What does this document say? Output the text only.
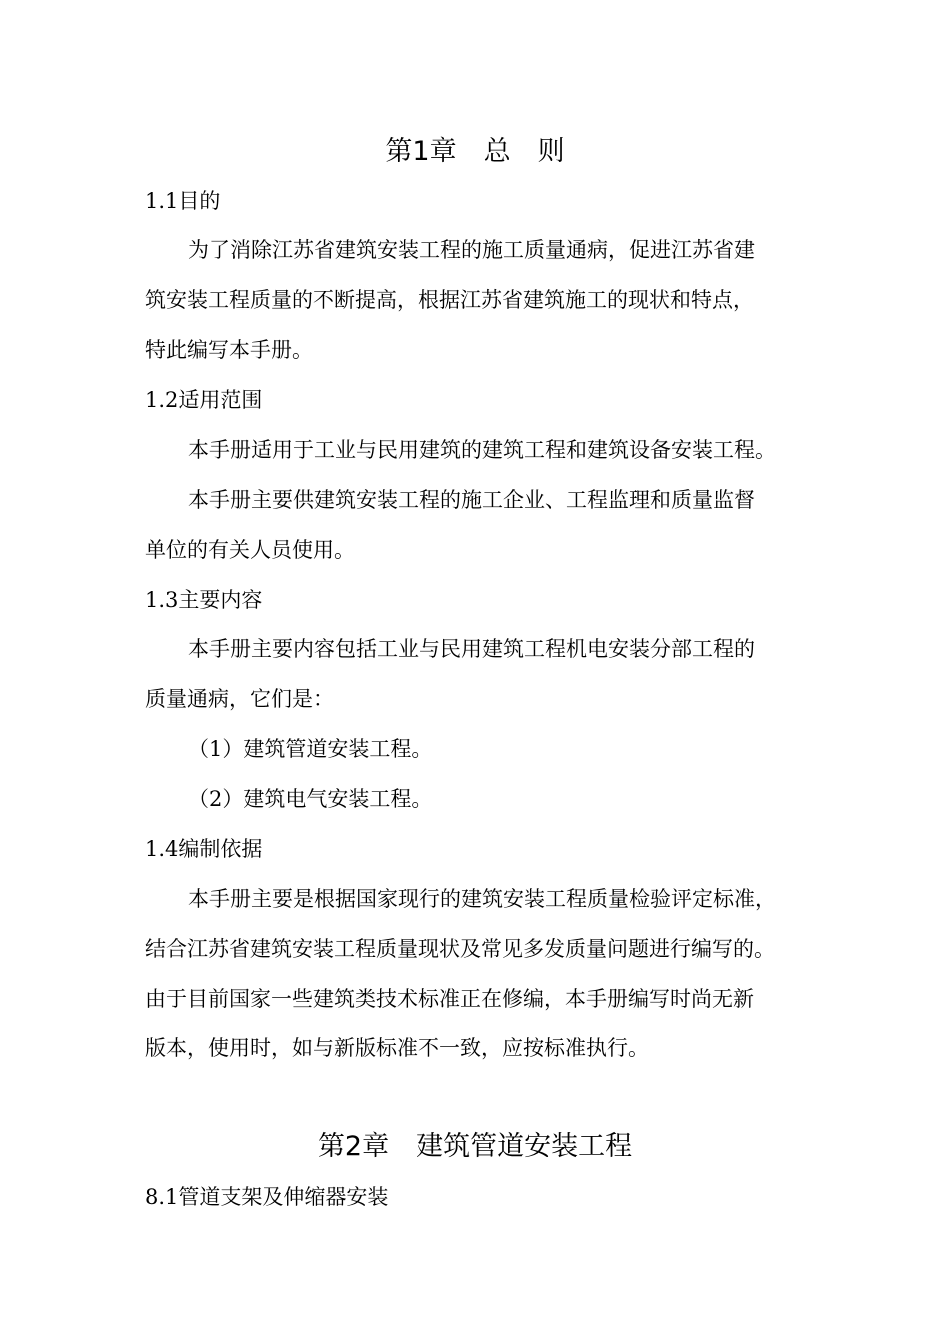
第1章　总　则
1.1目的
为了消除江苏省建筑安装工程的施工质量通病，促进江苏省建
筑安装工程质量的不断提高，根据江苏省建筑施工的现状和特点，
特此编写本手册。
1.2适用范围
本手册适用于工业与民用建筑的建筑工程和建筑设备安装工程。
本手册主要供建筑安装工程的施工企业、工程监理和质量监督
单位的有关人员使用。
1.3主要内容
本手册主要内容包括工业与民用建筑工程机电安装分部工程的
质量通病，它们是：
（1）建筑管道安装工程。
（2）建筑电气安装工程。
1.4编制依据
本手册主要是根据国家现行的建筑安装工程质量检验评定标准，
结合江苏省建筑安装工程质量现状及常见多发质量问题进行编写的。
由于目前国家一些建筑类技术标准正在修编，本手册编写时尚无新
版本，使用时，如与新版标准不一致，应按标准执行。
第2章　建筑管道安装工程
8.1管道支架及伸缩器安装
